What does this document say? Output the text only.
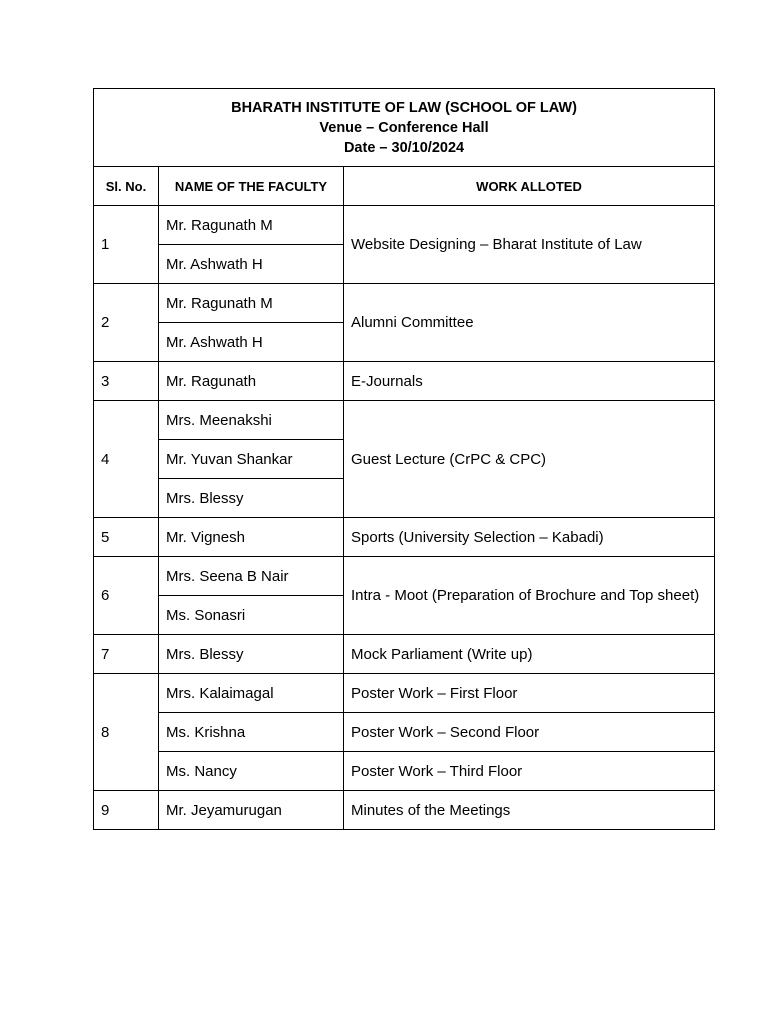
BHARATH INSTITUTE OF LAW (SCHOOL OF LAW)
Venue – Conference Hall
Date – 30/10/2024		

Sl. No.	NAME OF THE FACULTY	WORK ALLOTED
1	Mr. Ragunath M	Website Designing – Bharat Institute of Law
	Mr. Ashwath H	
2	Mr. Ragunath M	Alumni Committee
	Mr. Ashwath H	
3	Mr. Ragunath	E-Journals
4	Mrs. Meenakshi	Guest Lecture (CrPC & CPC)
	Mr. Yuvan Shankar	
	Mrs. Blessy	
5	Mr. Vignesh	Sports (University Selection – Kabadi)
6	Mrs. Seena B Nair	Intra - Moot (Preparation of Brochure and Top sheet)
	Ms. Sonasri	
7	Mrs. Blessy	Mock Parliament (Write up)
8	Mrs. Kalaimagal	Poster Work – First Floor
	Ms. Krishna	Poster Work – Second Floor
	Ms. Nancy	Poster Work – Third Floor
9	Mr. Jeyamurugan	Minutes of the Meetings
